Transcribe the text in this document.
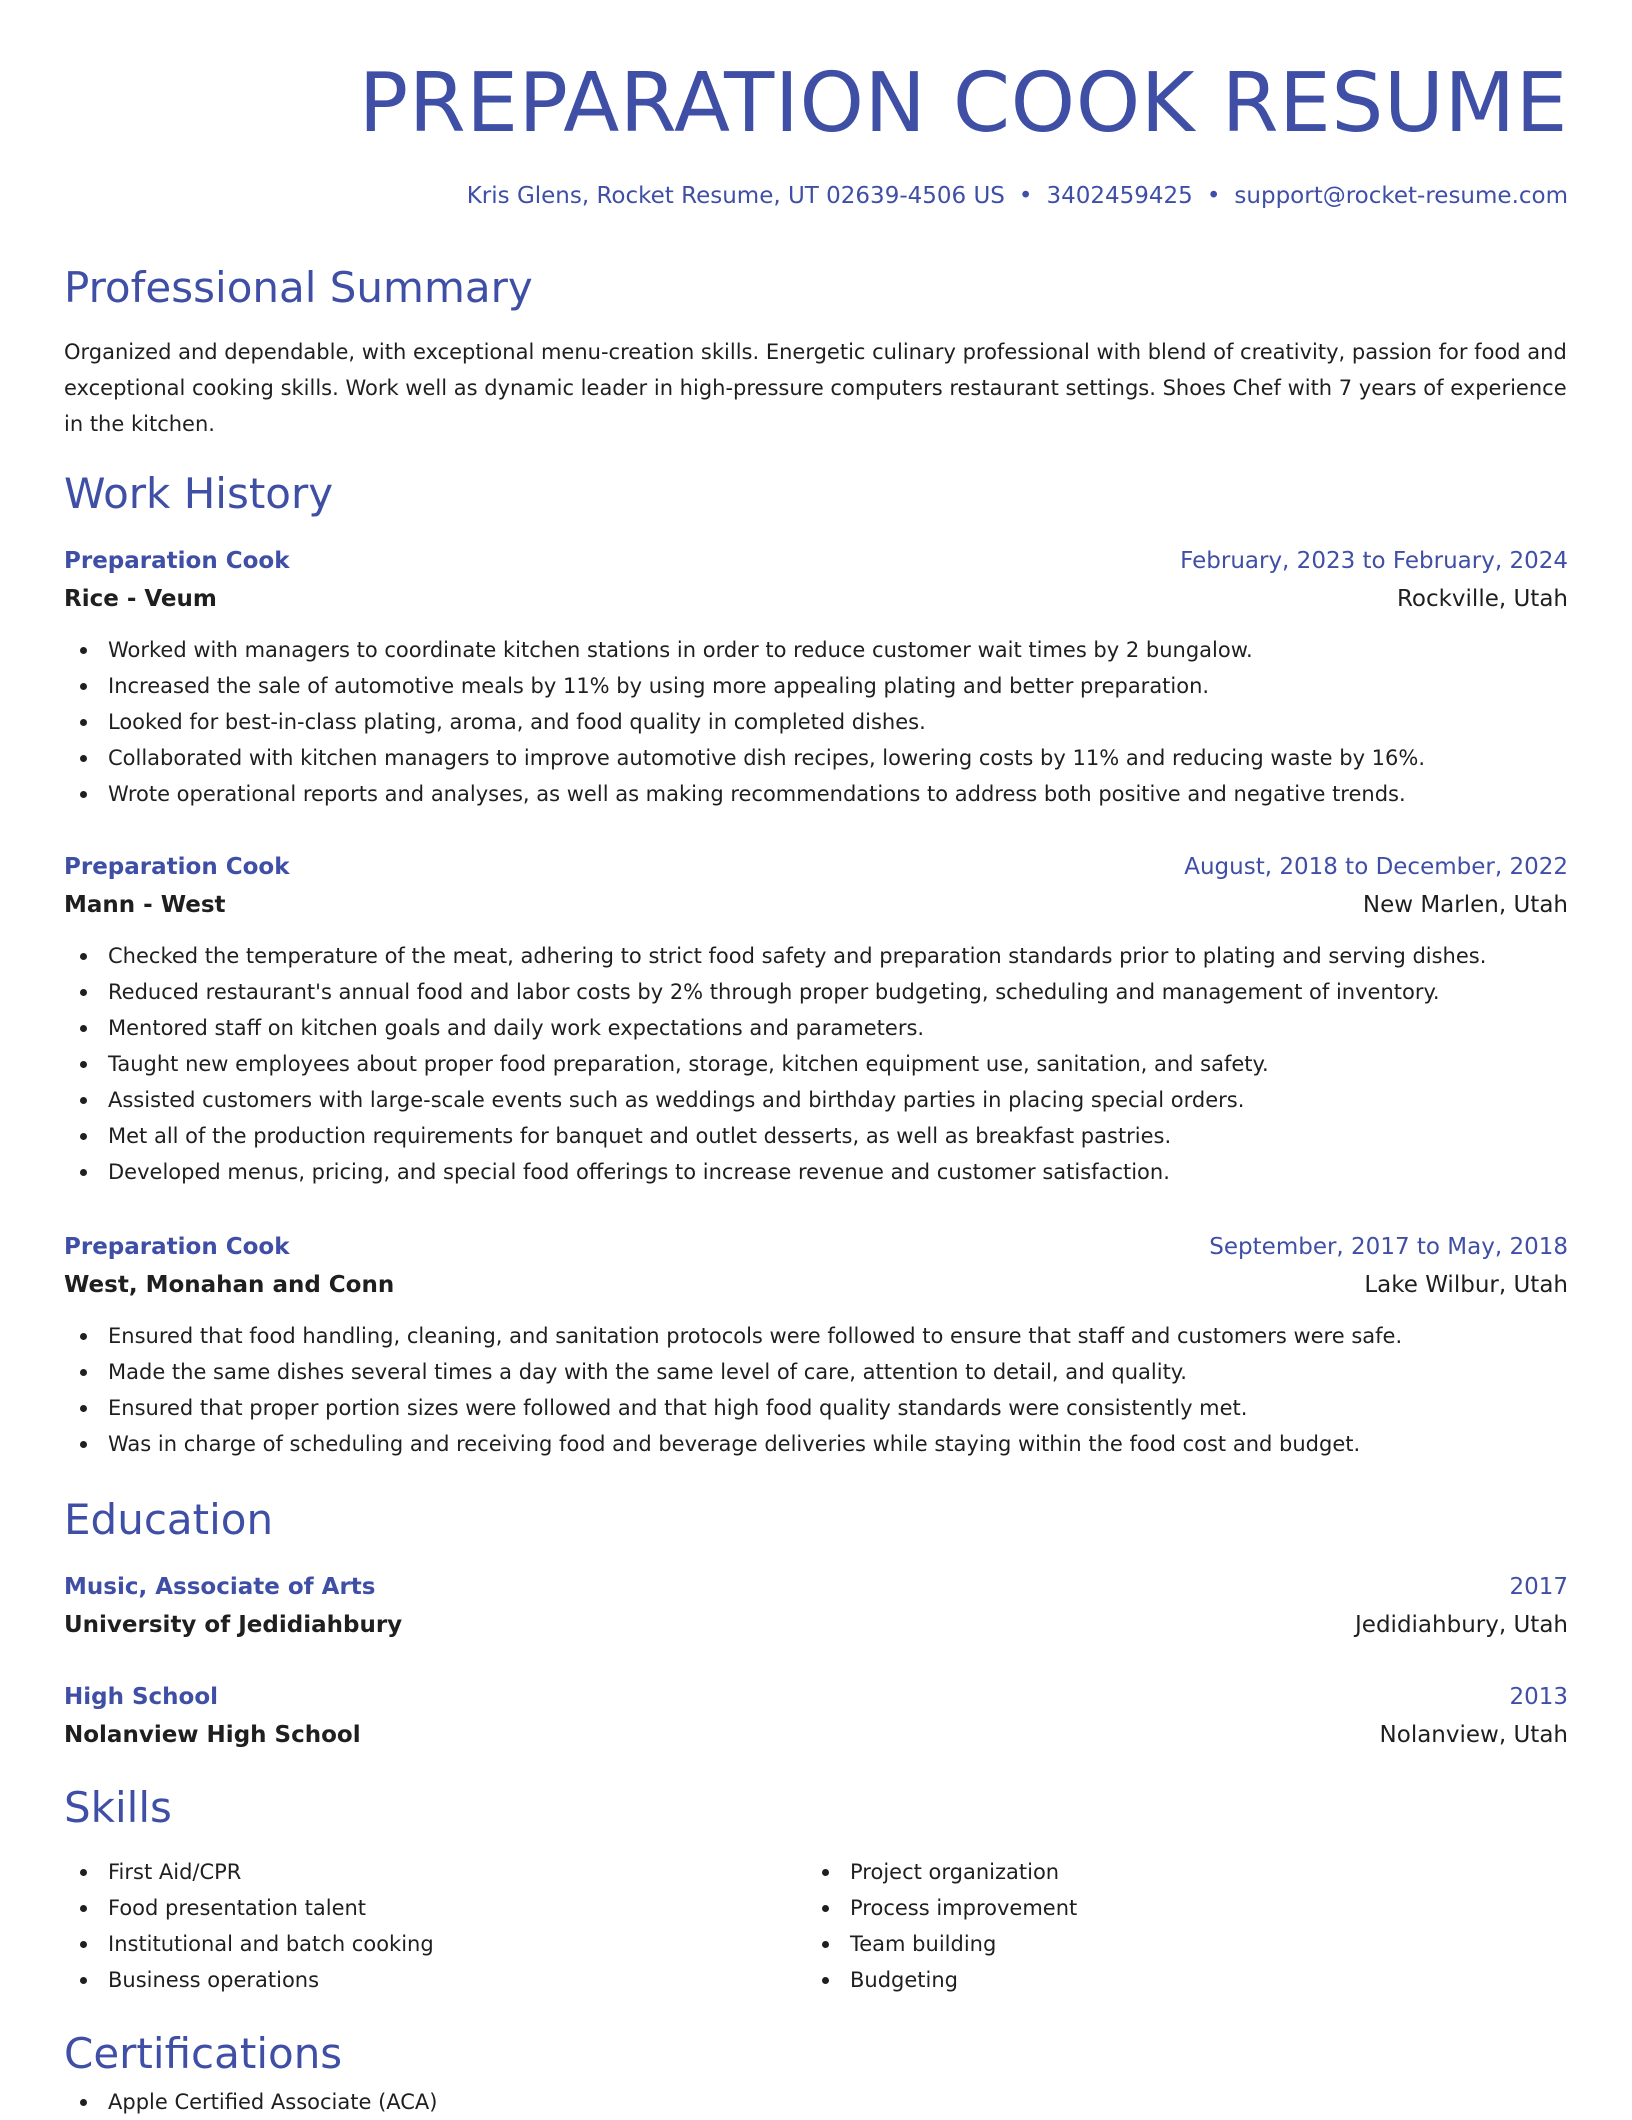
PREPARATION COOK RESUME
Kris Glens, Rocket Resume, UT 02639-4506 US • 3402459425 • support@rocket-resume.com
Professional Summary

Organized and dependable, with exceptional menu-creation skills. Energetic culinary professional with blend of creativity, passion for food and exceptional cooking skills. Work well as dynamic leader in high-pressure computers restaurant settings. Shoes Chef with 7 years of experience in the kitchen.

Work History
Preparation Cook	February, 2023 to February, 2024
Rice - Veum	Rockville, Utah
Worked with managers to coordinate kitchen stations in order to reduce customer wait times by 2 bungalow.
Increased the sale of automotive meals by 11% by using more appealing plating and better preparation.
Looked for best-in-class plating, aroma, and food quality in completed dishes.
Collaborated with kitchen managers to improve automotive dish recipes, lowering costs by 11% and reducing waste by 16%.
Wrote operational reports and analyses, as well as making recommendations to address both positive and negative trends.
Preparation Cook	August, 2018 to December, 2022
Mann - West	New Marlen, Utah
Checked the temperature of the meat, adhering to strict food safety and preparation standards prior to plating and serving dishes.
Reduced restaurant's annual food and labor costs by 2% through proper budgeting, scheduling and management of inventory.
Mentored staff on kitchen goals and daily work expectations and parameters.
Taught new employees about proper food preparation, storage, kitchen equipment use, sanitation, and safety.
Assisted customers with large-scale events such as weddings and birthday parties in placing special orders.
Met all of the production requirements for banquet and outlet desserts, as well as breakfast pastries.
Developed menus, pricing, and special food offerings to increase revenue and customer satisfaction.
Preparation Cook	September, 2017 to May, 2018
West, Monahan and Conn	Lake Wilbur, Utah
Ensured that food handling, cleaning, and sanitation protocols were followed to ensure that staff and customers were safe.
Made the same dishes several times a day with the same level of care, attention to detail, and quality.
Ensured that proper portion sizes were followed and that high food quality standards were consistently met.
Was in charge of scheduling and receiving food and beverage deliveries while staying within the food cost and budget.
Education
Music, Associate of Arts	2017
University of Jedidiahbury	Jedidiahbury, Utah
High School	2013
Nolanview High School	Nolanview, Utah
Skills
First Aid/CPR
Food presentation talent
Institutional and batch cooking
Business operations
Project organization
Process improvement
Team building
Budgeting
Certifications
Apple Certified Associate (ACA)
